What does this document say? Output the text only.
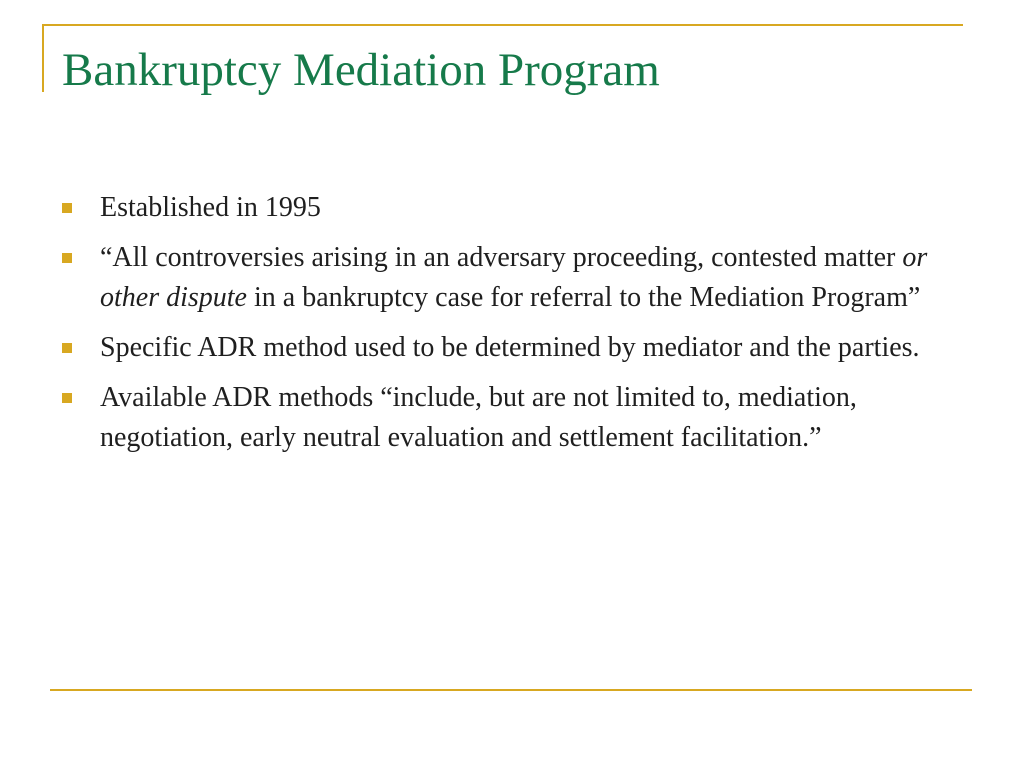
Bankruptcy Mediation Program
Established in 1995
“All controversies arising in an adversary proceeding, contested matter or other dispute in a bankruptcy case for referral to the Mediation Program”
Specific ADR method used to be determined by mediator and the parties.
Available ADR methods “include, but are not limited to, mediation, negotiation, early neutral evaluation and settlement facilitation.”
